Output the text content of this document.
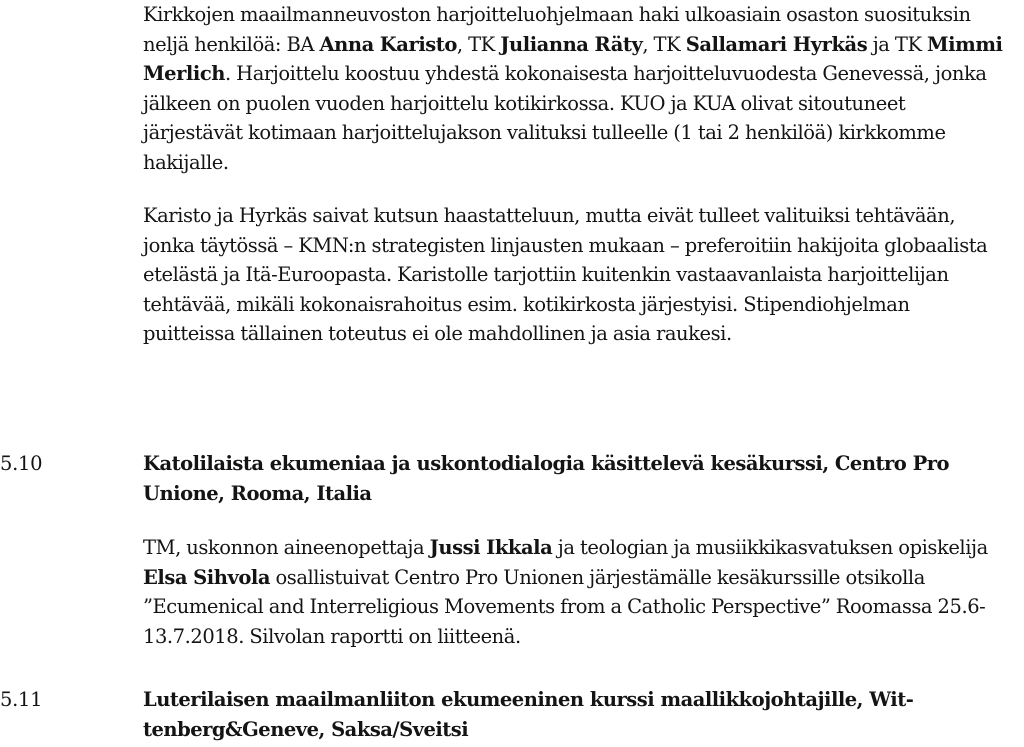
Kirkkojen maailmanneuvoston harjoitteluohjelmaan haki ulkoasiain osaston suosituksin neljä henkilöä: BA Anna Karisto, TK Julianna Räty, TK Sallamari Hyrkäs ja TK Mimmi Merlich. Harjoittelu koostuu yhdestä kokonaisesta harjoitteluvuodesta Genevessä, jonka jälkeen on puolen vuoden harjoittelu kotikirkossa. KUO ja KUA olivat sitoutuneet järjestävät kotimaan harjoittelujakson valituksi tulleelle (1 tai 2 henkilöä) kirkkomme hakijalle.

Karisto ja Hyrkäs saivat kutsun haastatteluun, mutta eivät tulleet valituiksi tehtävään, jonka täytössä – KMN:n strategisten linjausten mukaan – preferoitiin hakijoita globaalista etelästä ja Itä-Euroopasta. Karistolle tarjottiin kuitenkin vastaavanlaista harjoittelijan tehtävää, mikäli kokonaisrahoitus esim. kotikirkosta järjestyisi. Stipendiohjelman puitteissa tällainen toteutus ei ole mahdollinen ja asia raukesi.

5.10	Katolilaista ekumeniaa ja uskontodialogia käsittelevä kesäkurssi, Centro Pro Unione, Rooma, Italia

TM, uskonnon aineenopettaja Jussi Ikkala ja teologian ja musiikkikasvatuksen opiskelija Elsa Sihvola osallistuivat Centro Pro Unionen järjestämälle kesäkurssille otsikolla ”Ecumenical and Interreligious Movements from a Catholic Perspective” Roomassa 25.6-13.7.2018. Silvolan raportti on liitteenä.

5.11	Luterilaisen maailmanliiton ekumeeninen kurssi maallikkojohtajille, Wittenberg&Geneve, Saksa/Sveitsi
